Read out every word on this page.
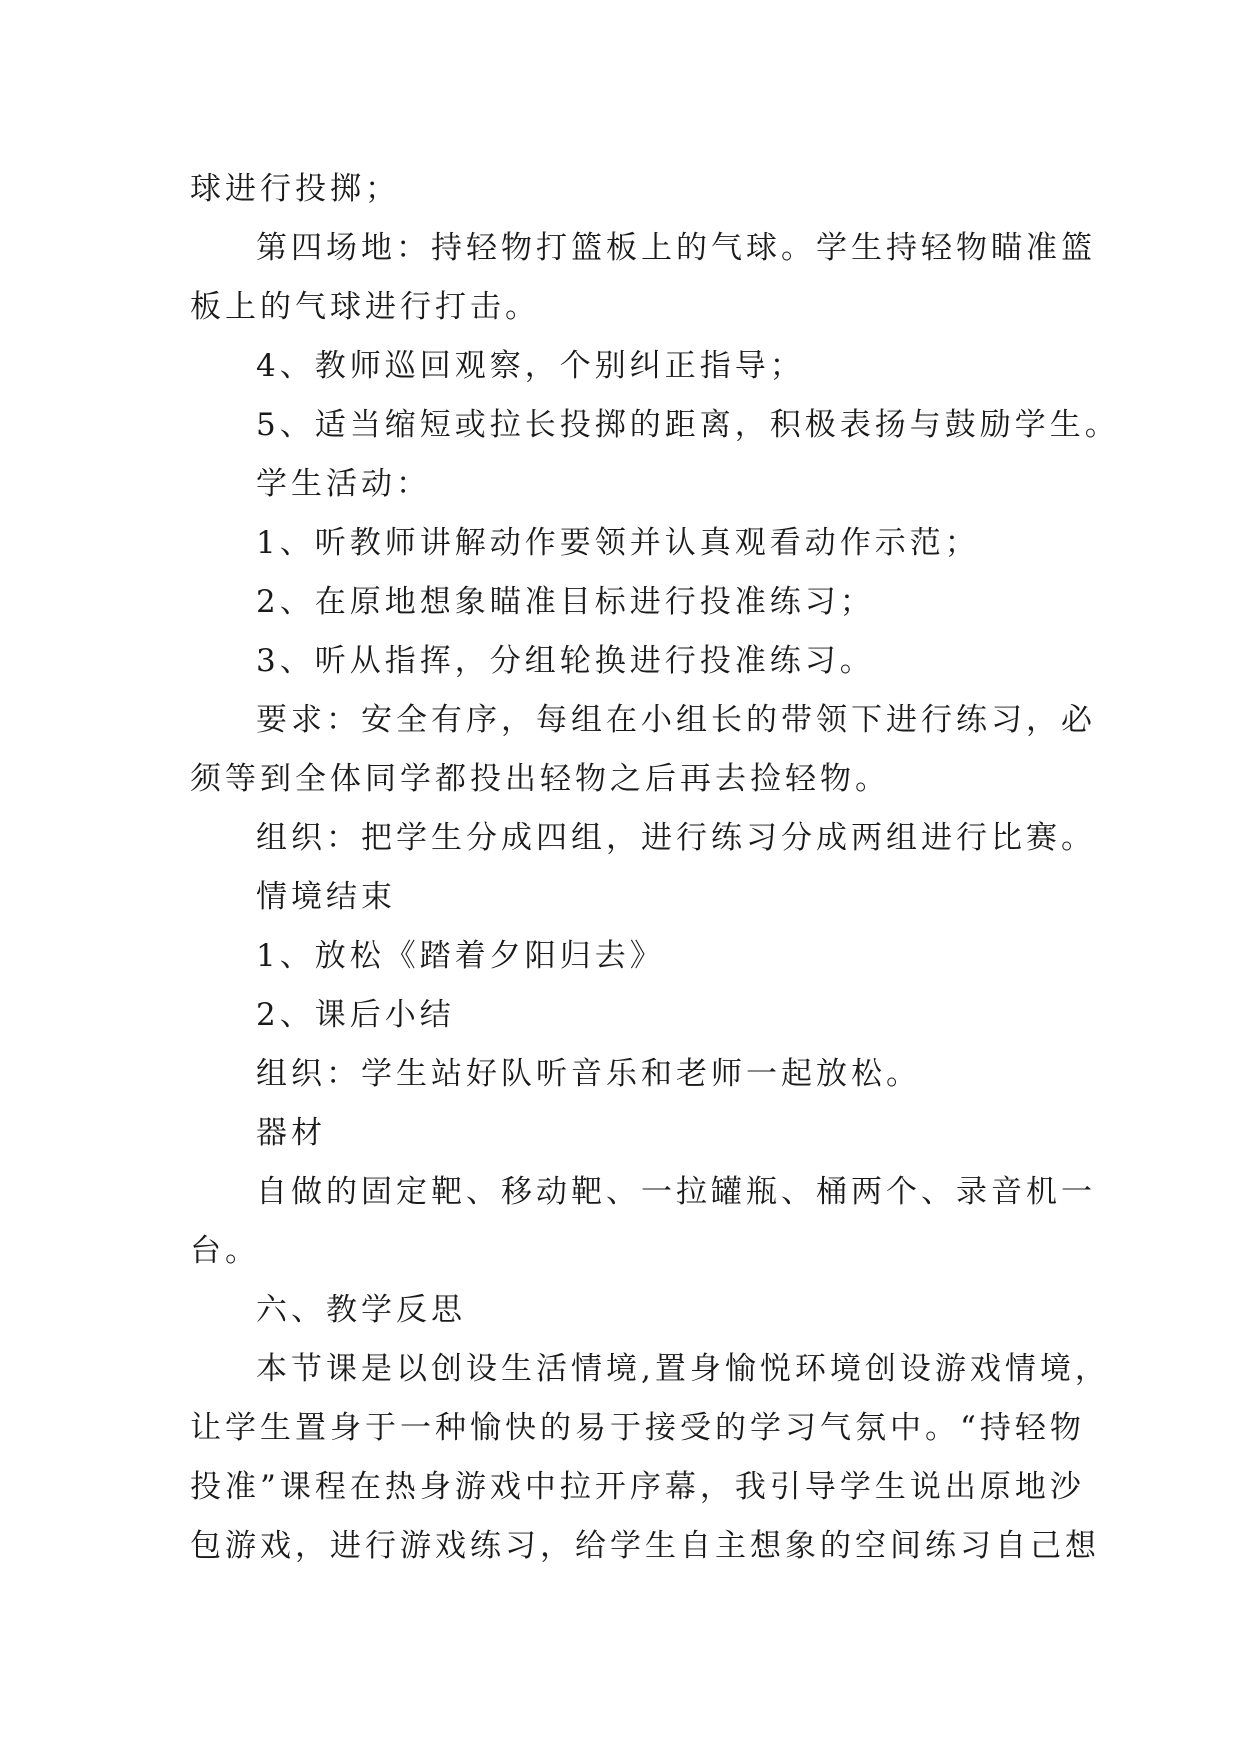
球进行投掷；
第四场地：持轻物打篮板上的气球。学生持轻物瞄准篮
板上的气球进行打击。
4、教师巡回观察，个别纠正指导；
5、适当缩短或拉长投掷的距离，积极表扬与鼓励学生。
学生活动：
1、听教师讲解动作要领并认真观看动作示范；
2、在原地想象瞄准目标进行投准练习；
3、听从指挥，分组轮换进行投准练习。
要求：安全有序，每组在小组长的带领下进行练习，必
须等到全体同学都投出轻物之后再去捡轻物。
组织：把学生分成四组，进行练习分成两组进行比赛。
情境结束
1、放松《踏着夕阳归去》
2、课后小结
组织：学生站好队听音乐和老师一起放松。
器材
自做的固定靶、移动靶、一拉罐瓶、桶两个、录音机一
台。
六、教学反思
本节课是以创设生活情境,置身愉悦环境创设游戏情境，
让学生置身于一种愉快的易于接受的学习气氛中。“持轻物
投准”课程在热身游戏中拉开序幕，我引导学生说出原地沙
包游戏，进行游戏练习，给学生自主想象的空间练习自己想
